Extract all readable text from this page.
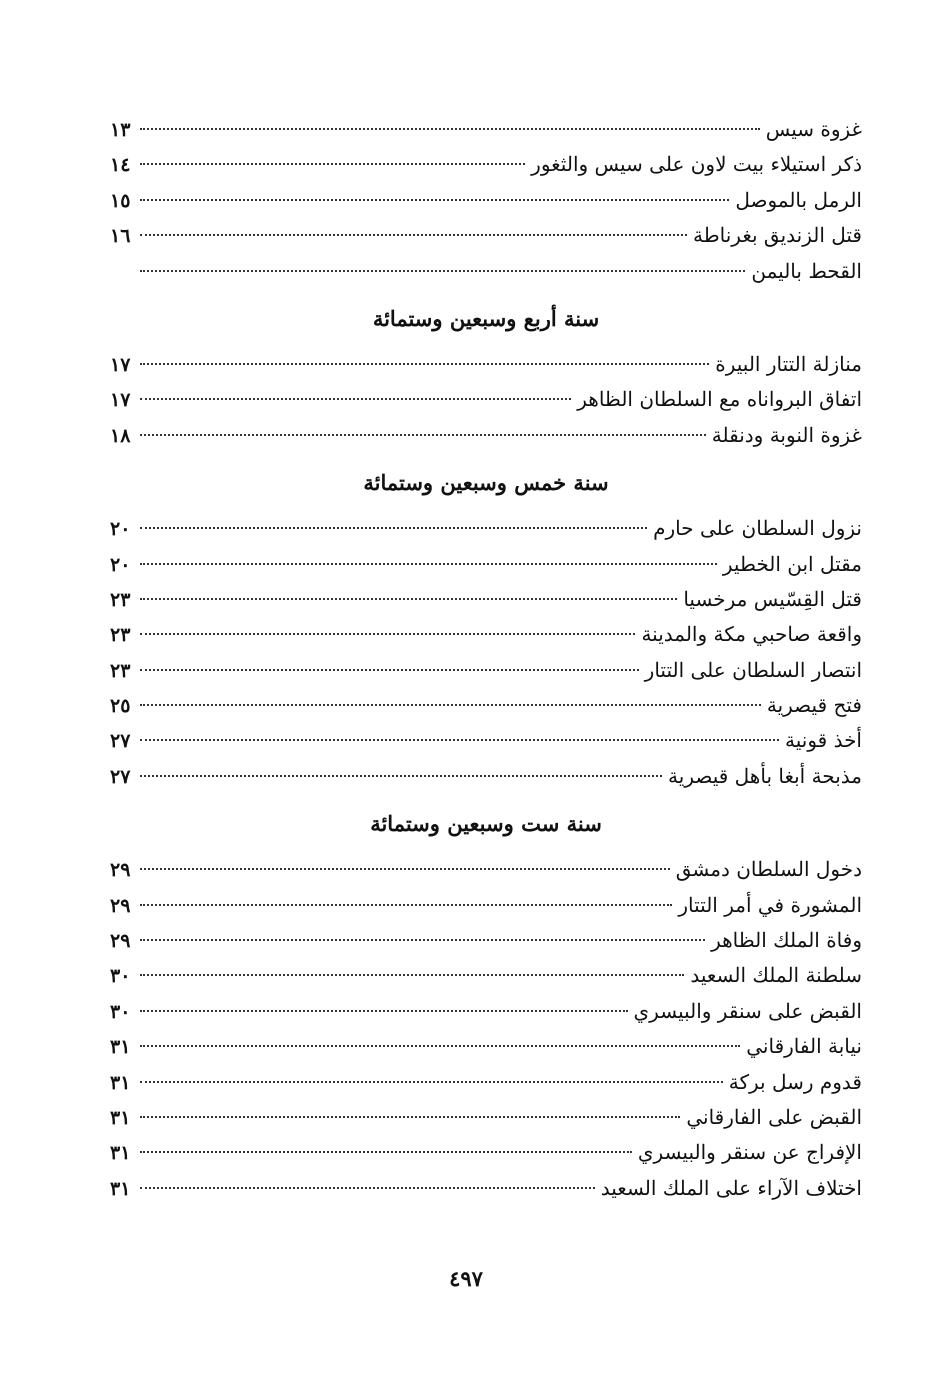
غزوة سيس
١٣
ذكر استيلاء بيت لاون على سيس والثغور
١٤
الرمل بالموصل
١٥
قتل الزنديق بغرناطة
١٦
القحط باليمن
سنة أربع وسبعين وستمائة
منازلة التتار البيرة
١٧
اتفاق البرواناه مع السلطان الظاهر
١٧
غزوة النوبة ودنقلة
١٨
سنة خمس وسبعين وستمائة
نزول السلطان على حارم
٢٠
مقتل ابن الخطير
٢٠
قتل القِسّيس مرخسيا
٢٣
واقعة صاحبي مكة والمدينة
٢٣
انتصار السلطان على التتار
٢٣
فتح قيصرية
٢٥
أخذ قونية
٢٧
مذبحة أبغا بأهل قيصرية
٢٧
سنة ست وسبعين وستمائة
دخول السلطان دمشق
٢٩
المشورة في أمر التتار
٢٩
وفاة الملك الظاهر
٢٩
سلطنة الملك السعيد
٣٠
القبض على سنقر والبيسري
٣٠
نيابة الفارقاني
٣١
قدوم رسل بركة
٣١
القبض على الفارقاني
٣١
الإفراج عن سنقر والبيسري
٣١
اختلاف الآراء على الملك السعيد
٣١
٤٩٧
